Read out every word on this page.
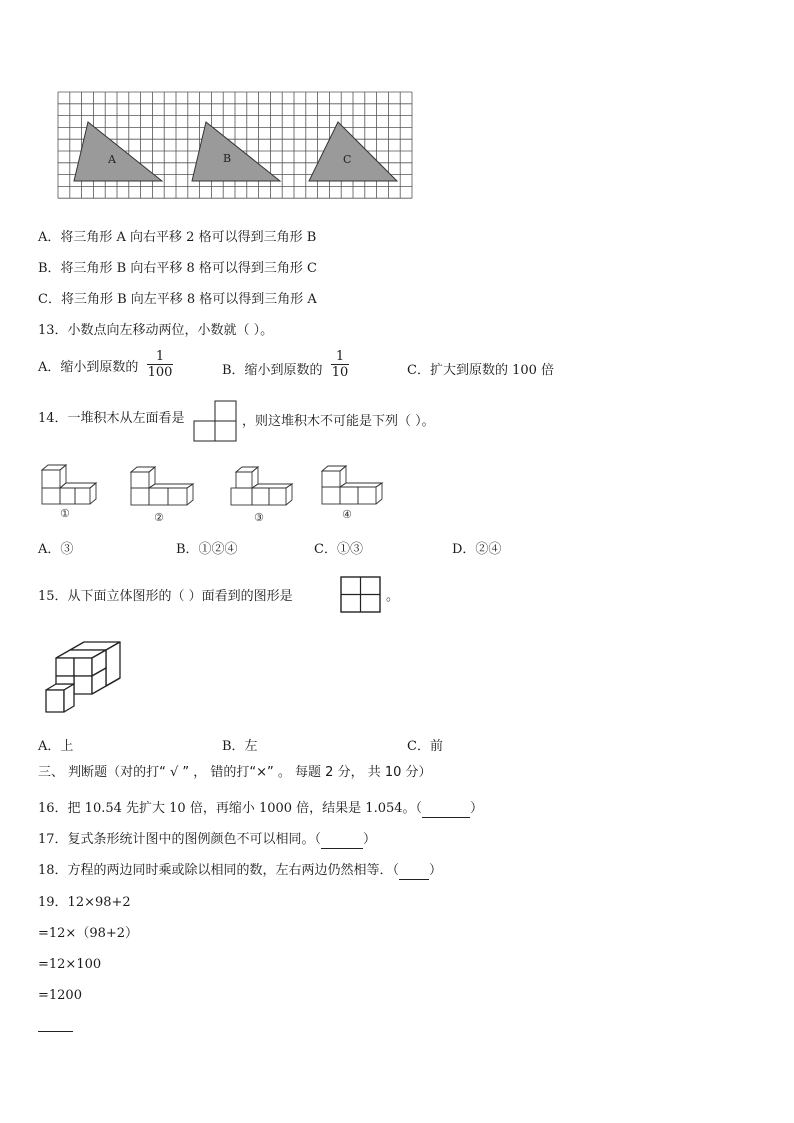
A	B	C
A．将三角形 A 向右平移 2 格可以得到三角形 B
B．将三角形 B 向右平移 8 格可以得到三角形 C
C．将三角形 B 向左平移 8 格可以得到三角形 A
13．小数点向左移动两位，小数就（ ）。
A．缩小到原数的
1
100	B．缩小到原数的
1
10	C．扩大到原数的 100 倍
14．一堆积木从左面看是	，则这堆积木不可能是下列（ ）。
①	②	③	④
A．③	B．①②④	C．①③	D．②④
15．从下面立体图形的（ ）面看到的图形是	。
A．上	B．左	C．前
三、 判断题（对的打“ √ ” ， 错的打“×” 。 每题 2 分， 共 10 分）
16．把 10.54 先扩大 10 倍，再缩小 1000 倍，结果是 1.054。（	）
17．复式条形统计图中的图例颜色不可以相同。（	）
18．方程的两边同时乘或除以相同的数，左右两边仍然相等．（ ）
19．12×98+2
=12×（98+2）
=12×100
=1200
